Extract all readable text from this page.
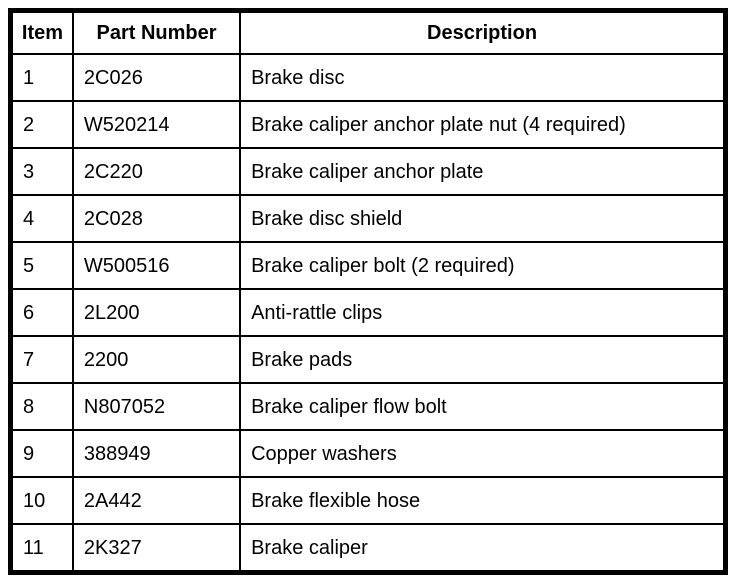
Item	Part Number	Description
1	2C026	Brake disc
2	W520214	Brake caliper anchor plate nut (4 required)
3	2C220	Brake caliper anchor plate
4	2C028	Brake disc shield
5	W500516	Brake caliper bolt (2 required)
6	2L200	Anti-rattle clips
7	2200	Brake pads
8	N807052	Brake caliper flow bolt
9	388949	Copper washers
10	2A442	Brake flexible hose
11	2K327	Brake caliper
